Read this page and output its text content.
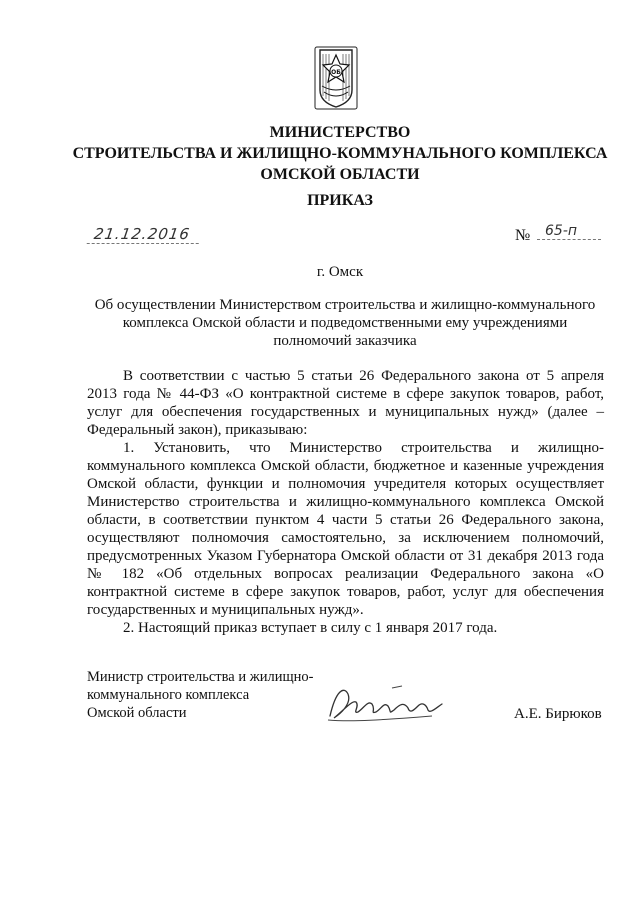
ОБ
МИНИСТЕРСТВО
СТРОИТЕЛЬСТВА И ЖИЛИЩНО-КОММУНАЛЬНОГО КОМПЛЕКСА
ОМСКОЙ ОБЛАСТИ
ПРИКАЗ
21.12.2016	№	65-п
г. Омск
Об осуществлении Министерством строительства и жилищно-коммунального
комплекса Омской области и подведомственными ему учреждениями
полномочий заказчика

В соответствии с частью 5 статьи 26 Федерального закона от 5 апреля 2013 года № 44-ФЗ «О контрактной системе в сфере закупок товаров, работ, услуг для обеспечения государственных и муниципальных нужд» (далее – Федеральный закон), приказываю:

1. Установить, что Министерство строительства и жилищно-коммунального комплекса Омской области, бюджетное и казенные учреждения Омской области, функции и полномочия учредителя которых осуществляет Министерство строительства и жилищно-коммунального комплекса Омской области, в соответствии пунктом 4 части 5 статьи 26 Федерального закона, осуществляют полномочия самостоятельно, за исключением полномочий, предусмотренных Указом Губернатора Омской области от 31 декабря 2013 года № 182 «Об отдельных вопросах реализации Федерального закона «О контрактной системе в сфере закупок товаров, работ, услуг для обеспечения государственных и муниципальных нужд».

2. Настоящий приказ вступает в силу с 1 января 2017 года.

Министр строительства и жилищно-
коммунального комплекса
Омской области	А.Е. Бирюков
